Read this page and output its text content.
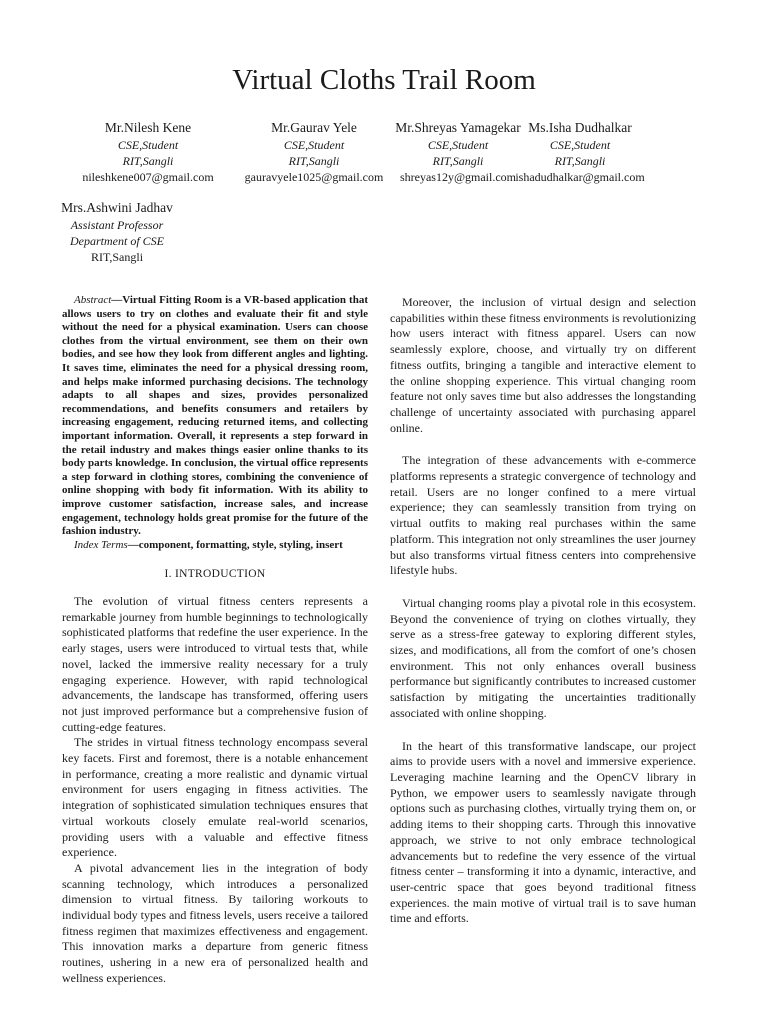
Virtual Cloths Trail Room
Mr.Nilesh Kene
CSE,Student
RIT,Sangli
nileshkene007@gmail.com
Mr.Gaurav Yele
CSE,Student
RIT,Sangli
gauravyele1025@gmail.com
Mr.Shreyas Yamagekar
CSE,Student
RIT,Sangli
shreyas12y@gmail.com
Ms.Isha Dudhalkar
CSE,Student
RIT,Sangli
ishadudhalkar@gmail.com
Mrs.Ashwini Jadhav
Assistant Professor
Department of CSE
RIT,Sangli

Abstract—Virtual Fitting Room is a VR-based application that allows users to try on clothes and evaluate their fit and style without the need for a physical examination. Users can choose clothes from the virtual environment, see them on their own bodies, and see how they look from different angles and lighting. It saves time, eliminates the need for a physical dressing room, and helps make informed purchasing decisions. The technology adapts to all shapes and sizes, provides personalized recommendations, and benefits consumers and retailers by increasing engagement, reducing returned items, and collecting important information. Overall, it represents a step forward in the retail industry and makes things easier online thanks to its body parts knowledge. In conclusion, the virtual office represents a step forward in clothing stores, combining the convenience of online shopping with body fit information. With its ability to improve customer satisfaction, increase sales, and increase engagement, technology holds great promise for the future of the fashion industry.

Index Terms—component, formatting, style, styling, insert

I. INTRODUCTION

The evolution of virtual fitness centers represents a remarkable journey from humble beginnings to technologically sophisticated platforms that redefine the user experience. In the early stages, users were introduced to virtual tests that, while novel, lacked the immersive reality necessary for a truly engaging experience. However, with rapid technological advancements, the landscape has transformed, offering users not just improved performance but a comprehensive fusion of cutting-edge features.

The strides in virtual fitness technology encompass several key facets. First and foremost, there is a notable enhancement in performance, creating a more realistic and dynamic virtual environment for users engaging in fitness activities. The integration of sophisticated simulation techniques ensures that virtual workouts closely emulate real-world scenarios, providing users with a valuable and effective fitness experience.

A pivotal advancement lies in the integration of body scanning technology, which introduces a personalized dimension to virtual fitness. By tailoring workouts to individual body types and fitness levels, users receive a tailored fitness regimen that maximizes effectiveness and engagement. This innovation marks a departure from generic fitness routines, ushering in a new era of personalized health and wellness experiences.

Moreover, the inclusion of virtual design and selection capabilities within these fitness environments is revolutionizing how users interact with fitness apparel. Users can now seamlessly explore, choose, and virtually try on different fitness outfits, bringing a tangible and interactive element to the online shopping experience. This virtual changing room feature not only saves time but also addresses the longstanding challenge of uncertainty associated with purchasing apparel online.

The integration of these advancements with e-commerce platforms represents a strategic convergence of technology and retail. Users are no longer confined to a mere virtual experience; they can seamlessly transition from trying on virtual outfits to making real purchases within the same platform. This integration not only streamlines the user journey but also transforms virtual fitness centers into comprehensive lifestyle hubs.

Virtual changing rooms play a pivotal role in this ecosystem. Beyond the convenience of trying on clothes virtually, they serve as a stress-free gateway to exploring different styles, sizes, and modifications, all from the comfort of one’s chosen environment. This not only enhances overall business performance but significantly contributes to increased customer satisfaction by mitigating the uncertainties traditionally associated with online shopping.

In the heart of this transformative landscape, our project aims to provide users with a novel and immersive experience. Leveraging machine learning and the OpenCV library in Python, we empower users to seamlessly navigate through options such as purchasing clothes, virtually trying them on, or adding items to their shopping carts. Through this innovative approach, we strive to not only embrace technological advancements but to redefine the very essence of the virtual fitness center – transforming it into a dynamic, interactive, and user-centric space that goes beyond traditional fitness experiences. the main motive of virtual trail is to save human time and efforts.
